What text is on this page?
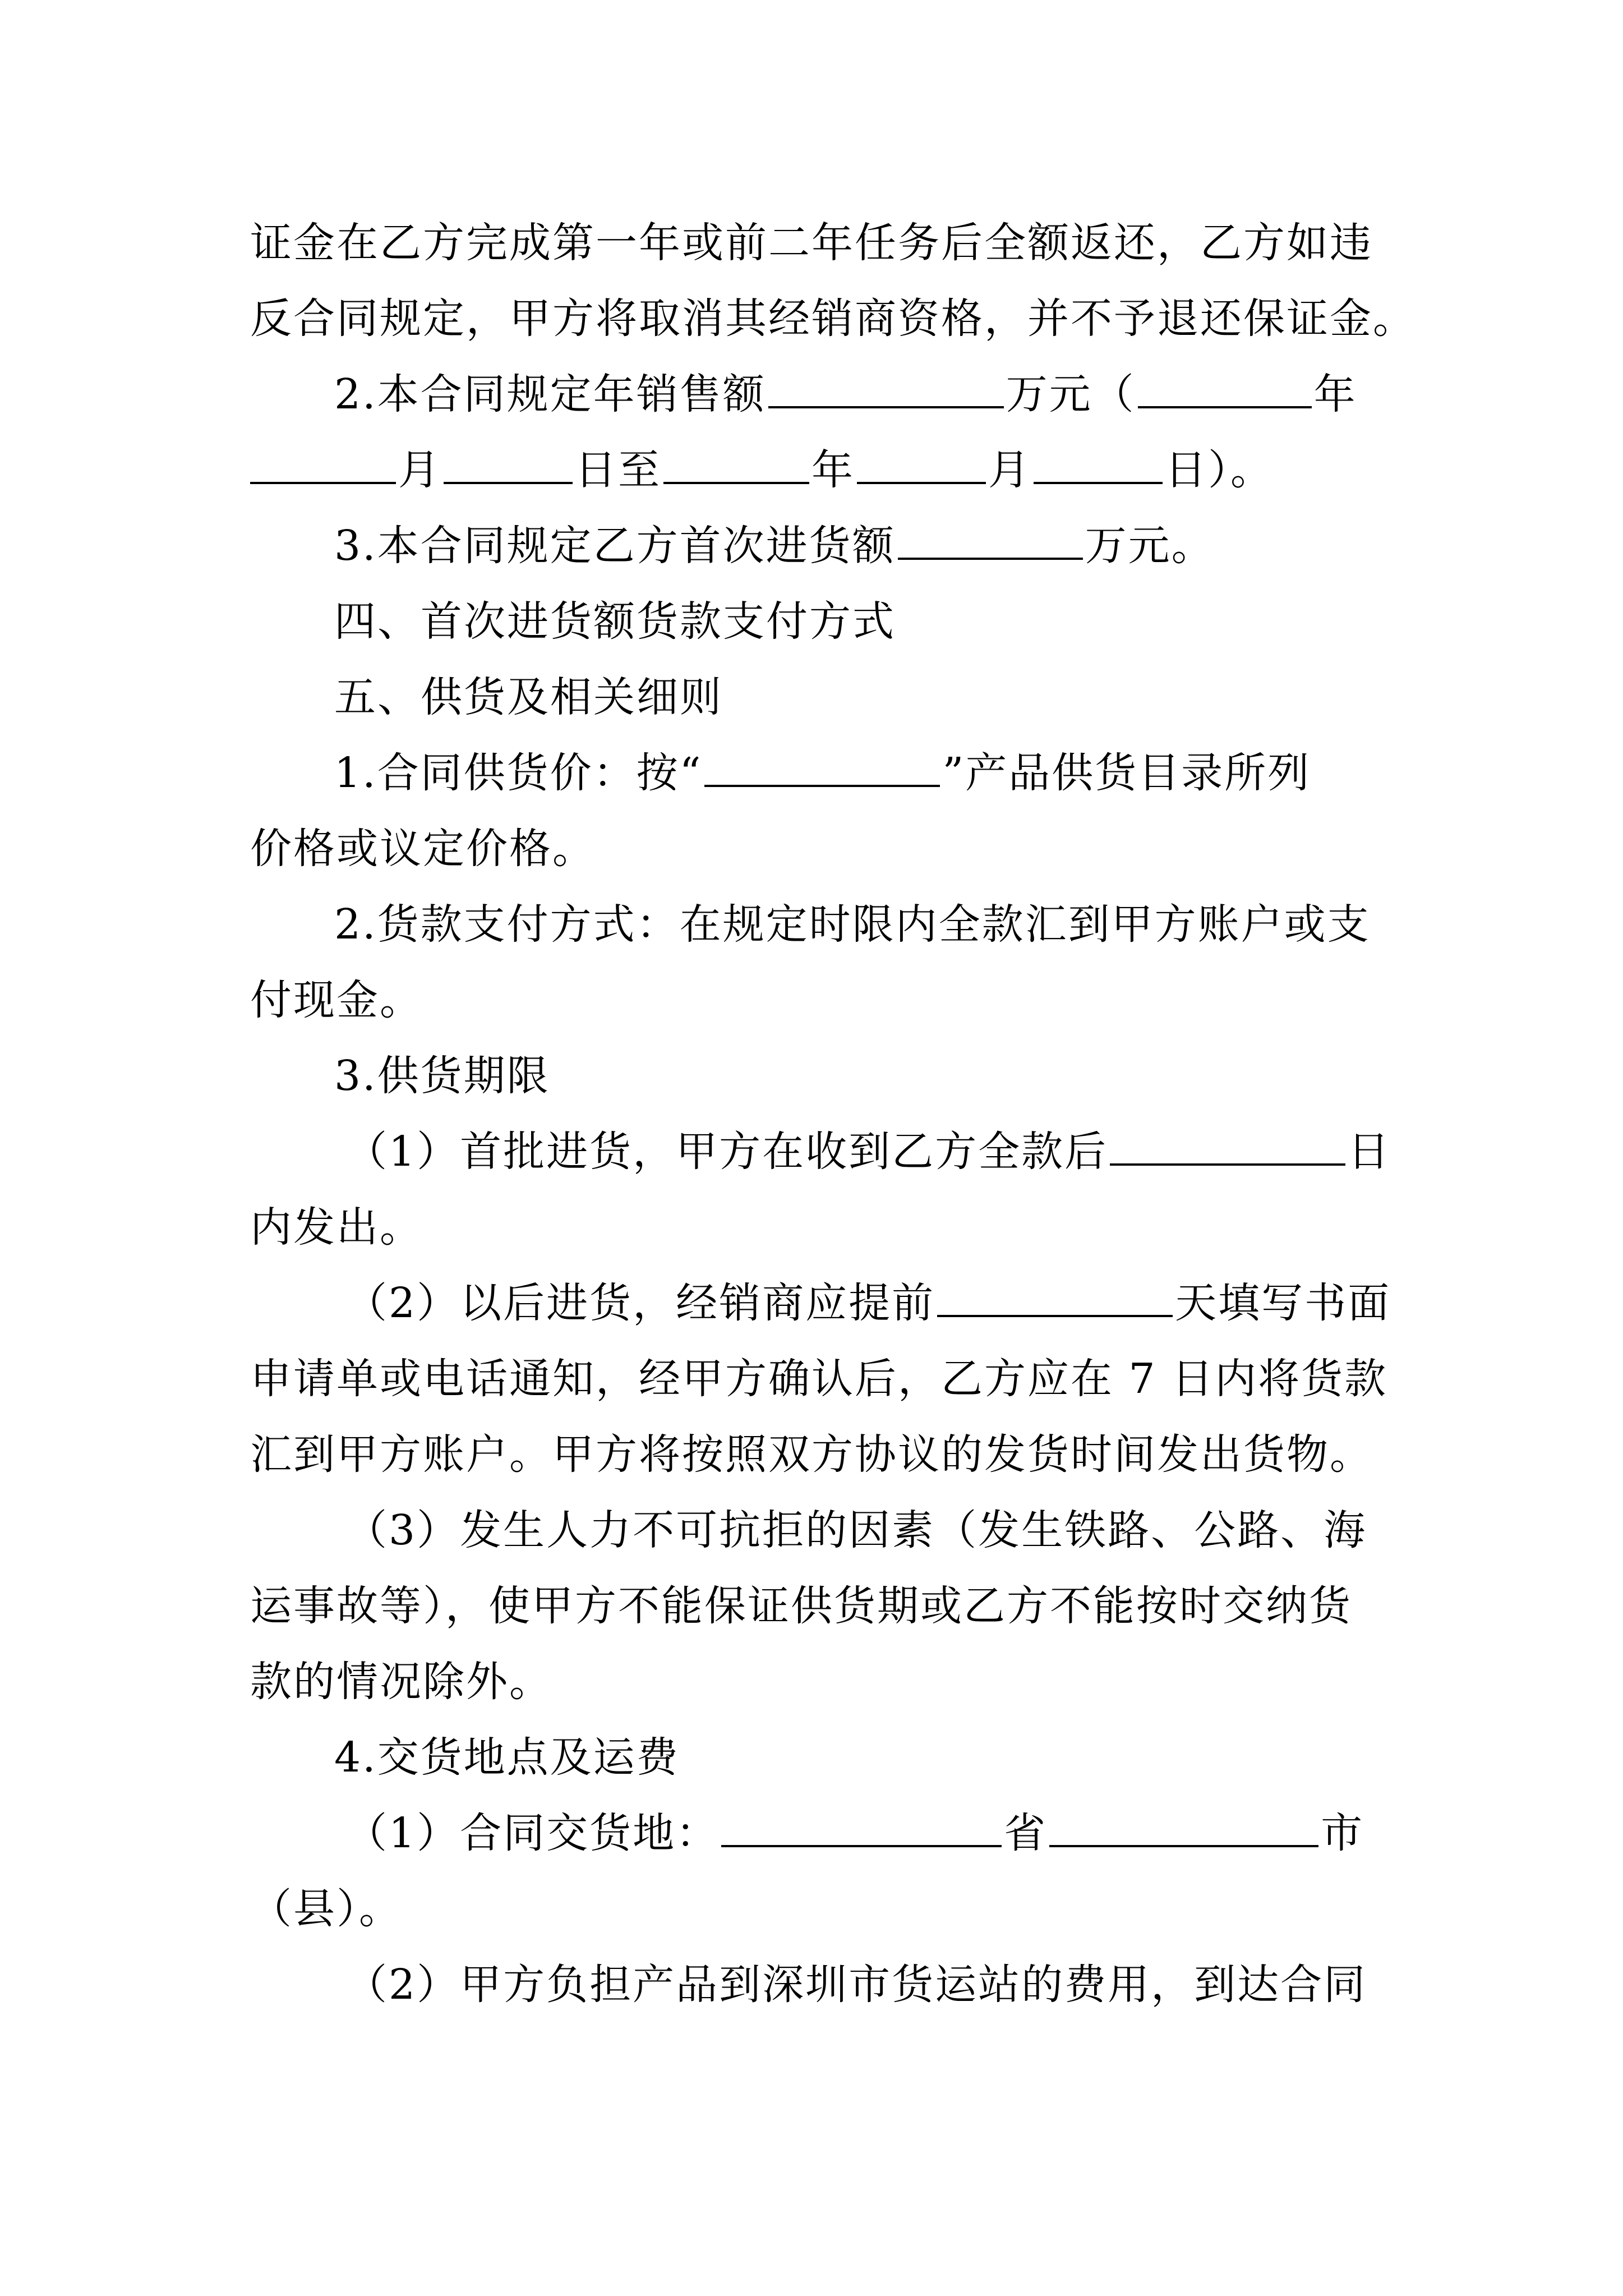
证金在乙方完成第一年或前二年任务后全额返还，乙方如违
反合同规定，甲方将取消其经销商资格，并不予退还保证金。
2.本合同规定年销售额	万元（	年
月	日至	年	月	日）。
3.本合同规定乙方首次进货额	万元。
四、首次进货额货款支付方式
五、供货及相关细则
1.合同供货价：按“	”产品供货目录所列
价格或议定价格。
2.货款支付方式：在规定时限内全款汇到甲方账户或支
付现金。
3.供货期限
（1）首批进货，甲方在收到乙方全款后	日
内发出。
（2）以后进货，经销商应提前	天填写书面
申请单或电话通知，经甲方确认后，乙方应在 7 日内将货款
汇到甲方账户。甲方将按照双方协议的发货时间发出货物。
（3）发生人力不可抗拒的因素（发生铁路、公路、海
运事故等），使甲方不能保证供货期或乙方不能按时交纳货
款的情况除外。
4.交货地点及运费
（1）合同交货地：	省	市
（县）。
（2）甲方负担产品到深圳市货运站的费用，到达合同
